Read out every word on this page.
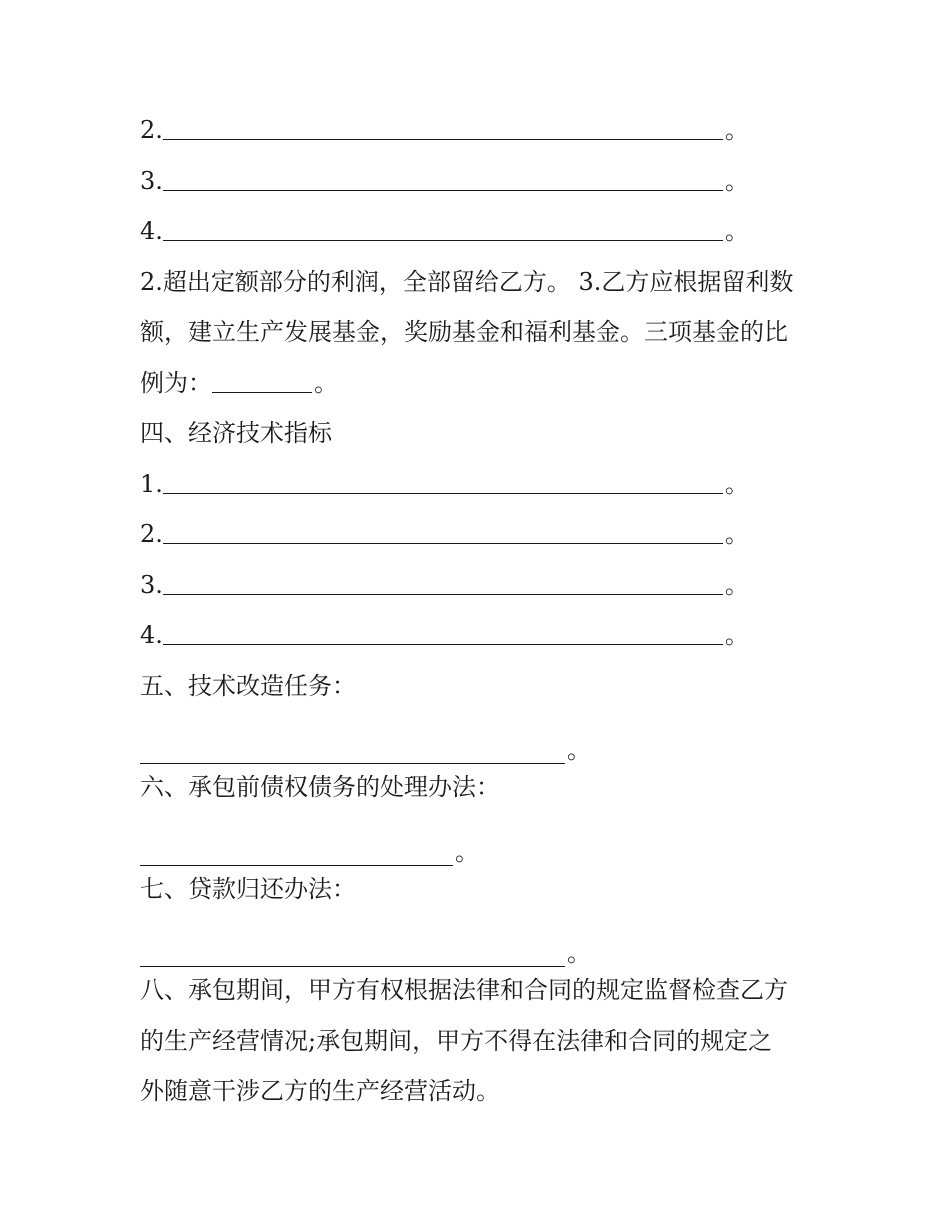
2.	。
3.	。
4.	。
2.超出定额部分的利润，全部留给乙方。 3.乙方应根据留利数
额，建立生产发展基金，奖励基金和福利基金。三项基金的比
例为：	。
四、经济技术指标
1.	。
2.	。
3.	。
4.	。
五、技术改造任务：
。
六、承包前债权债务的处理办法：
。
七、贷款归还办法：
。
八、承包期间，甲方有权根据法律和合同的规定监督检查乙方
的生产经营情况;承包期间，甲方不得在法律和合同的规定之
外随意干涉乙方的生产经营活动。
